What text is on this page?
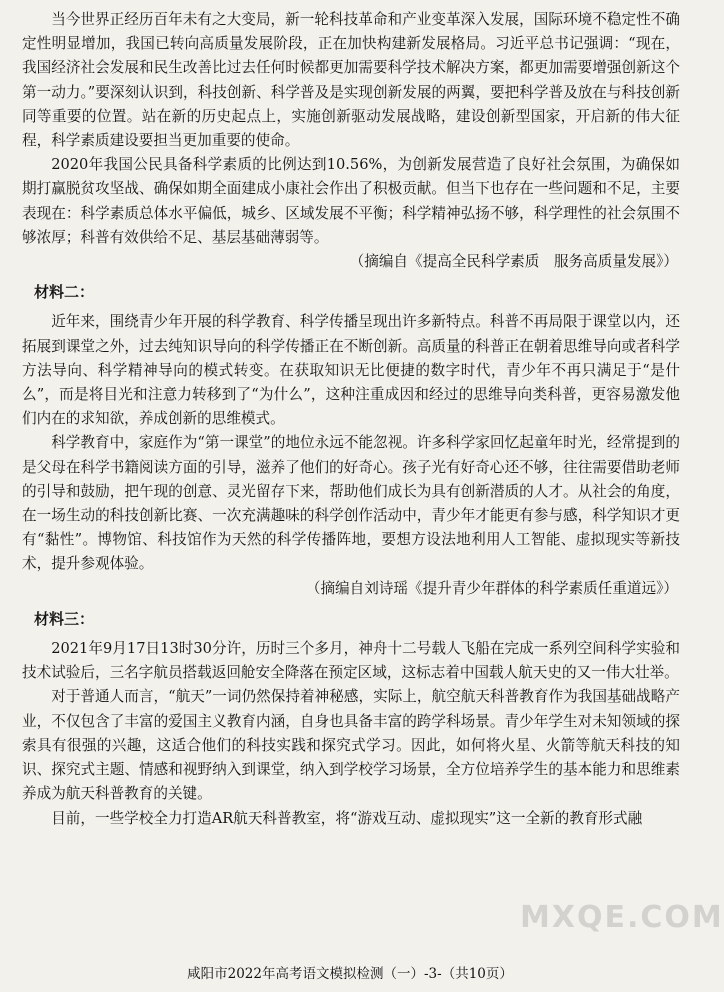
当今世界正经历百年未有之大变局，新一轮科技革命和产业变革深入发展，国际环境不稳定性不确定性明显增加，我国已转向高质量发展阶段，正在加快构建新发展格局。习近平总书记强调：“现在，我国经济社会发展和民生改善比过去任何时候都更加需要科学技术解决方案，都更加需要增强创新这个第一动力。”要深刻认识到，科技创新、科学普及是实现创新发展的两翼，要把科学普及放在与科技创新同等重要的位置。站在新的历史起点上，实施创新驱动发展战略，建设创新型国家，开启新的伟大征程，科学素质建设要担当更加重要的使命。

2020年我国公民具备科学素质的比例达到10.56%，为创新发展营造了良好社会氛围，为确保如期打赢脱贫攻坚战、确保如期全面建成小康社会作出了积极贡献。但当下也存在一些问题和不足，主要表现在：科学素质总体水平偏低，城乡、区域发展不平衡；科学精神弘扬不够，科学理性的社会氛围不够浓厚；科普有效供给不足、基层基础薄弱等。

（摘编自《提高全民科学素质　服务高质量发展》）

材料二：

近年来，围绕青少年开展的科学教育、科学传播呈现出许多新特点。科普不再局限于课堂以内，还拓展到课堂之外，过去纯知识导向的科学传播正在不断创新。高质量的科普正在朝着思维导向或者科学方法导向、科学精神导向的模式转变。在获取知识无比便捷的数字时代，青少年不再只满足于“是什么”，而是将目光和注意力转移到了“为什么”，这种注重成因和经过的思维导向类科普，更容易激发他们内在的求知欲，养成创新的思维模式。

科学教育中，家庭作为“第一课堂”的地位永远不能忽视。许多科学家回忆起童年时光，经常提到的是父母在科学书籍阅读方面的引导，滋养了他们的好奇心。孩子光有好奇心还不够，往往需要借助老师的引导和鼓励，把午现的创意、灵光留存下来，帮助他们成长为具有创新潜质的人才。从社会的角度，在一场生动的科技创新比赛、一次充满趣味的科学创作活动中，青少年才能更有参与感，科学知识才更有“黏性”。博物馆、科技馆作为天然的科学传播阵地，要想方设法地利用人工智能、虚拟现实等新技术，提升参观体验。

（摘编自刘诗瑶《提升青少年群体的科学素质任重道远》）

材料三：

2021年9月17日13时30分许，历时三个多月，神舟十二号载人飞船在完成一系列空间科学实验和技术试验后，三名字航员搭载返回舱安全降落在预定区域，这标志着中国载人航天史的又一伟大壮举。

对于普通人而言，“航天”一词仍然保持着神秘感，实际上，航空航天科普教育作为我国基础战略产业，不仅包含了丰富的爱国主义教育内涵，自身也具备丰富的跨学科场景。青少年学生对未知领域的探索具有很强的兴趣，这适合他们的科技实践和探究式学习。因此，如何将火星、火箭等航天科技的知识、探究式主题、情感和视野纳入到课堂，纳入到学校学习场景，全方位培养学生的基本能力和思维素养成为航天科普教育的关键。

目前，一些学校全力打造AR航天科普教室，将“游戏互动、虚拟现实”这一全新的教育形式融

MXQE.COM
咸阳市2022年高考语文模拟检测（一）-3-（共10页）
